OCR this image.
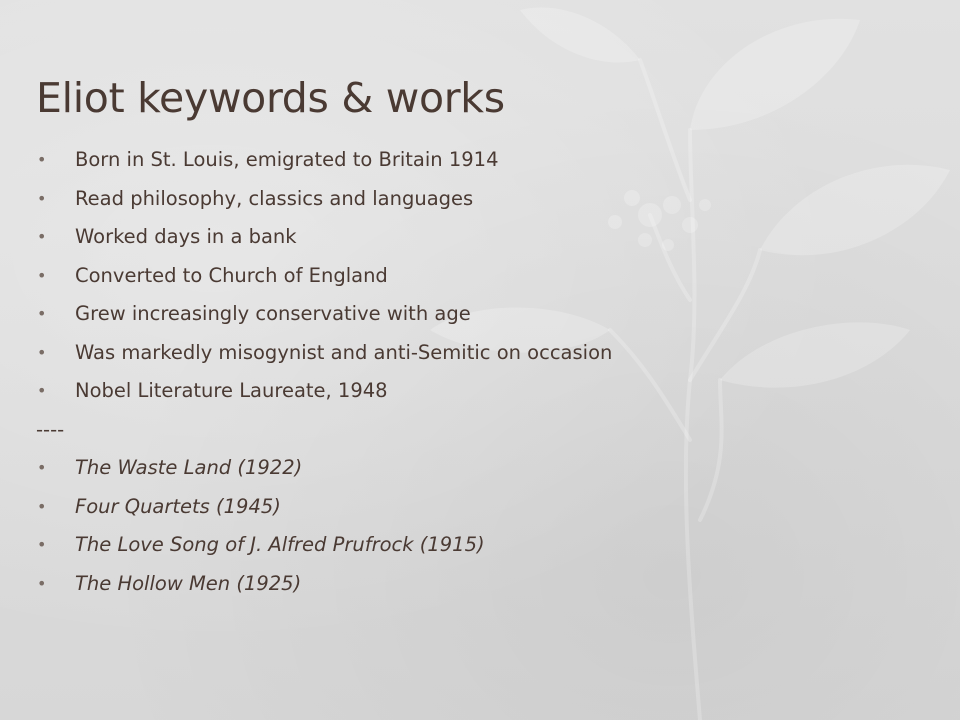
Eliot keywords & works
• Born in St. Louis, emigrated to Britain 1914
• Read philosophy, classics and languages
• Worked days in a bank
• Converted to Church of England
• Grew increasingly conservative with age
• Was markedly misogynist and anti-Semitic on occasion
• Nobel Literature Laureate, 1948
----
• The Waste Land (1922)
• Four Quartets (1945)
• The Love Song of J. Alfred Prufrock (1915)
• The Hollow Men (1925)
